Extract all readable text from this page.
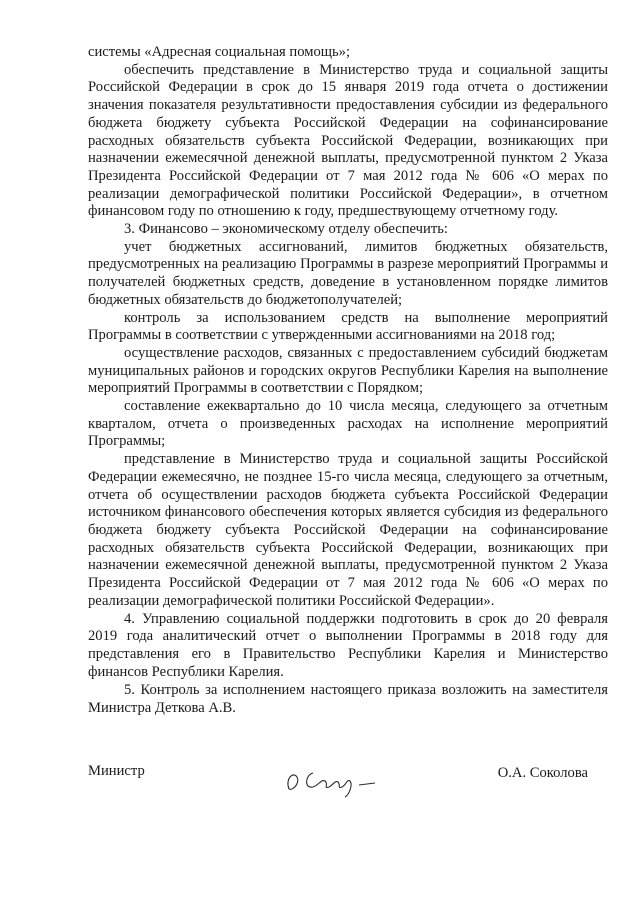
системы «Адресная социальная помощь»;

обеспечить представление в Министерство труда и социальной защиты Российской Федерации в срок до 15 января 2019 года отчета о достижении значения показателя результативности предоставления субсидии из федерального бюджета бюджету субъекта Российской Федерации на софинансирование расходных обязательств субъекта Российской Федерации, возникающих при назначении ежемесячной денежной выплаты, предусмотренной пунктом 2 Указа Президента Российской Федерации от 7 мая 2012 года № 606 «О мерах по реализации демографической политики Российской Федерации», в отчетном финансовом году по отношению к году, предшествующему отчетному году.

3. Финансово – экономическому отделу обеспечить:

учет бюджетных ассигнований, лимитов бюджетных обязательств, предусмотренных на реализацию Программы в разрезе мероприятий Программы и получателей бюджетных средств, доведение в установленном порядке лимитов бюджетных обязательств до бюджетополучателей;

контроль за использованием средств на выполнение мероприятий Программы в соответствии с утвержденными ассигнованиями на 2018 год;

осуществление расходов, связанных с предоставлением субсидий бюджетам муниципальных районов и городских округов Республики Карелия на выполнение мероприятий Программы в соответствии с Порядком;

составление ежеквартально до 10 числа месяца, следующего за отчетным кварталом, отчета о произведенных расходах на исполнение мероприятий Программы;

представление в Министерство труда и социальной защиты Российской Федерации ежемесячно, не позднее 15-го числа месяца, следующего за отчетным, отчета об осуществлении расходов бюджета субъекта Российской Федерации источником финансового обеспечения которых является субсидия из федерального бюджета бюджету субъекта Российской Федерации на софинансирование расходных обязательств субъекта Российской Федерации, возникающих при назначении ежемесячной денежной выплаты, предусмотренной пунктом 2 Указа Президента Российской Федерации от 7 мая 2012 года № 606 «О мерах по реализации демографической политики Российской Федерации».

4. Управлению социальной поддержки подготовить в срок до 20 февраля 2019 года аналитический отчет о выполнении Программы в 2018 году для представления его в Правительство Республики Карелия и Министерство финансов Республики Карелия.

5. Контроль за исполнением настоящего приказа возложить на заместителя Министра Деткова А.В.

Министр	О.А. Соколова
